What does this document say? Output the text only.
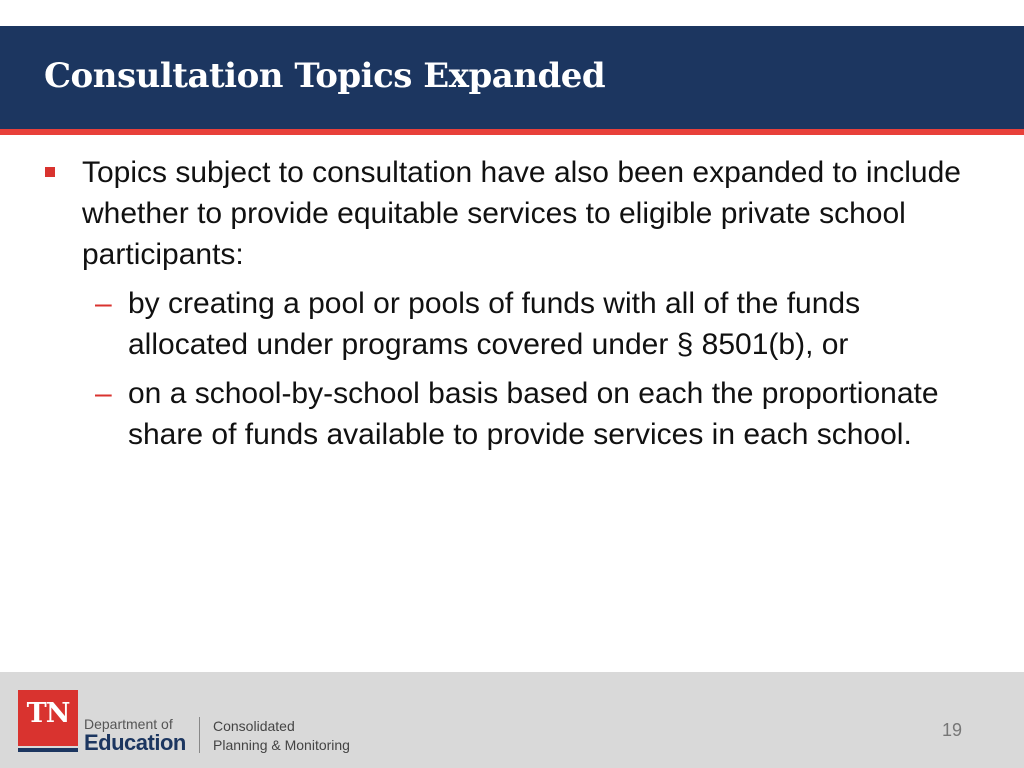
Consultation Topics Expanded
Topics subject to consultation have also been expanded to include whether to provide equitable services to eligible private school participants:
– by creating a pool or pools of funds with all of the funds allocated under programs covered under § 8501(b), or
– on a school-by-school basis based on each the proportionate share of funds available to provide services in each school.
TN	Department of
Education
Consolidated
Planning & Monitoring
19
